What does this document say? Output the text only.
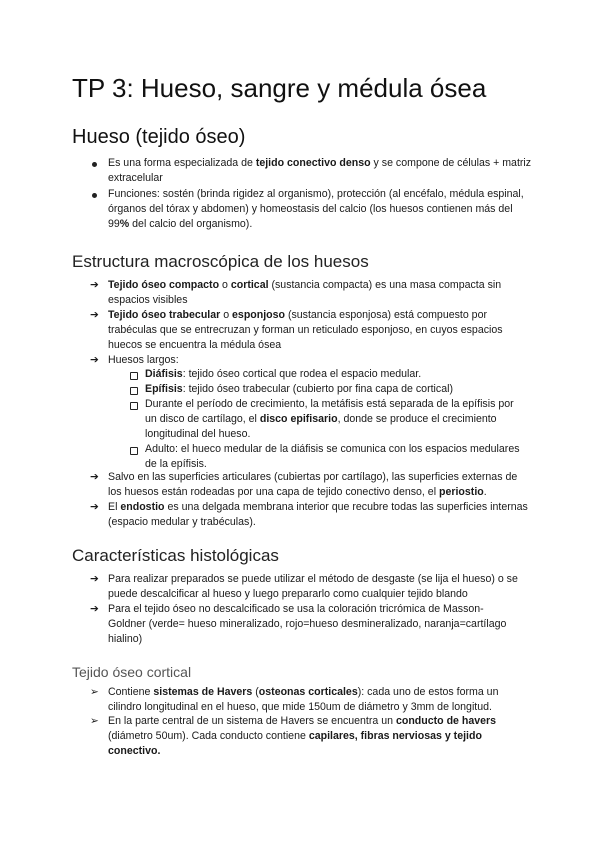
TP 3: Hueso, sangre y médula ósea
Hueso (tejido óseo)
Es una forma especializada de tejido conectivo denso y se compone de células + matriz extracelular
Funciones: sostén (brinda rigidez al organismo), protección (al encéfalo, médula espinal, órganos del tórax y abdomen) y homeostasis del calcio (los huesos contienen más del 99% del calcio del organismo).
Estructura macroscópica de los huesos
➔ Tejido óseo compacto o cortical (sustancia compacta) es una masa compacta sin espacios visibles
➔ Tejido óseo trabecular o esponjoso (sustancia esponjosa) está compuesto por trabéculas que se entrecruzan y forman un reticulado esponjoso, en cuyos espacios huecos se encuentra la médula ósea
➔ Huesos largos:
Diáfisis: tejido óseo cortical que rodea el espacio medular.
Epífisis: tejido óseo trabecular (cubierto por fina capa de cortical)
Durante el período de crecimiento, la metáfisis está separada de la epífisis por un disco de cartílago, el disco epifisario, donde se produce el crecimiento longitudinal del hueso.
Adulto: el hueco medular de la diáfisis se comunica con los espacios medulares de la epífisis.
➔ Salvo en las superficies articulares (cubiertas por cartílago), las superficies externas de los huesos están rodeadas por una capa de tejido conectivo denso, el periostio.
➔ El endostio es una delgada membrana interior que recubre todas las superficies internas (espacio medular y trabéculas).
Características histológicas
➔ Para realizar preparados se puede utilizar el método de desgaste (se lija el hueso) o se puede descalcificar al hueso y luego prepararlo como cualquier tejido blando
➔ Para el tejido óseo no descalcificado se usa la coloración tricrómica de Masson-Goldner (verde= hueso mineralizado, rojo=hueso desmineralizado, naranja=cartílago hialino)
Tejido óseo cortical
➢ Contiene sistemas de Havers (osteonas corticales): cada uno de estos forma un cilindro longitudinal en el hueso, que mide 150um de diámetro y 3mm de longitud.
➢ En la parte central de un sistema de Havers se encuentra un conducto de havers (diámetro 50um). Cada conducto contiene capilares, fibras nerviosas y tejido conectivo.
